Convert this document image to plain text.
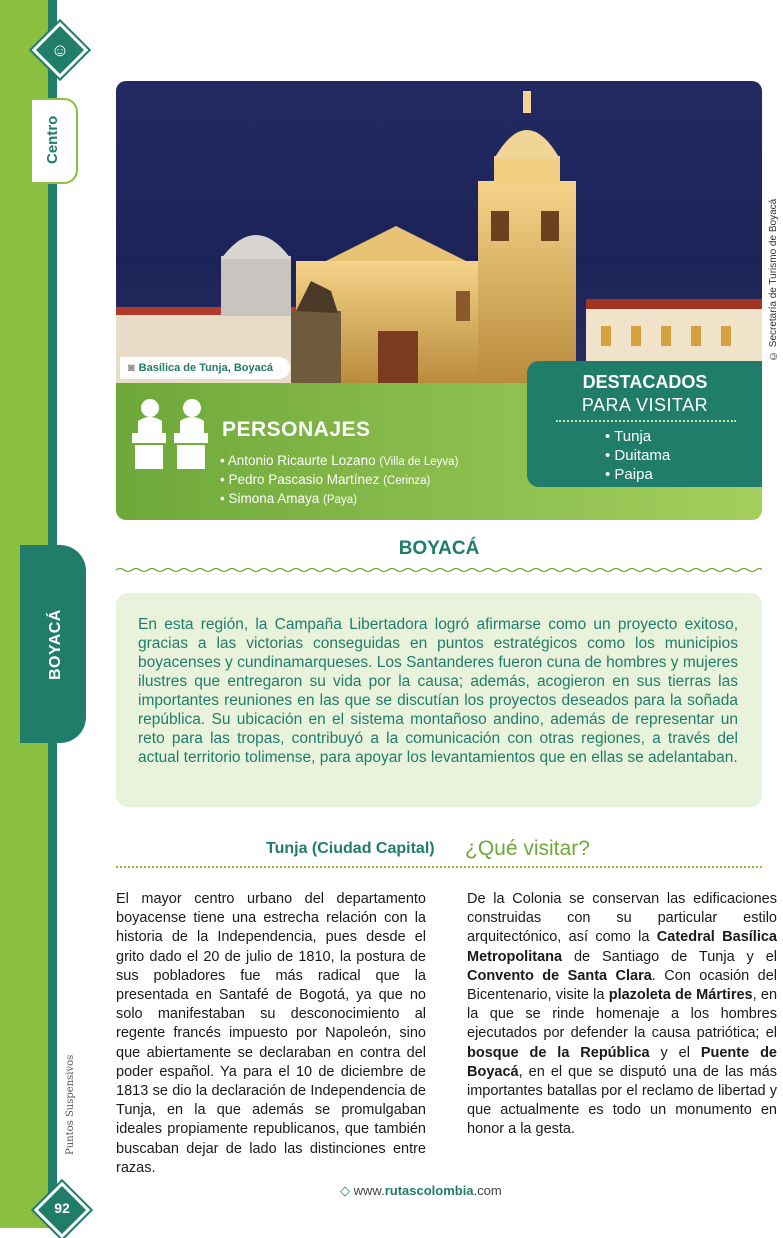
☺
Centro
BOYACÁ
Puntos Suspensivos
92
© Secretaría de Turismo de Boyacá
◙ Basílica de Tunja, Boyacá
PERSONAJES
• Antonio Ricaurte Lozano (Villa de Leyva)
• Pedro Pascasio Martínez (Cerinza)
• Simona Amaya (Paya)
DESTACADOS
PARA VISITAR
• Tunja
• Duitama
• Paipa
BOYACÁ
En esta región, la Campaña Libertadora logró afirmarse como un proyecto exitoso, gracias a las victorias conseguidas en puntos estratégicos como los municipios boyacenses y cundinamarqueses. Los Santanderes fueron cuna de hombres y mujeres ilustres que entregaron su vida por la causa; además, acogieron en sus tierras las importantes reuniones en las que se discutían los proyectos deseados para la soñada república. Su ubicación en el sistema montañoso andino, además de representar un reto para las tropas, contribuyó a la comunicación con otras regiones, a través del actual territorio tolimense, para apoyar los levantamientos que en ellas se adelantaban.
Tunja (Ciudad Capital) ¿Qué visitar?
El mayor centro urbano del departamento boyacense tiene una estrecha relación con la historia de la Independencia, pues desde el grito dado el 20 de julio de 1810, la postura de sus pobladores fue más radical que la presentada en Santafé de Bogotá, ya que no solo manifestaban su desconocimiento al regente francés impuesto por Napoleón, sino que abiertamente se declaraban en contra del poder español. Ya para el 10 de diciembre de 1813 se dio la declaración de Independencia de Tunja, en la que además se promulgaban ideales propiamente republicanos, que también buscaban dejar de lado las distinciones entre razas.
De la Colonia se conservan las edificaciones construidas con su particular estilo arquitectónico, así como la Catedral Basílica Metropolitana de Santiago de Tunja y el Convento de Santa Clara. Con ocasión del Bicentenario, visite la plazoleta de Mártires, en la que se rinde homenaje a los hombres ejecutados por defender la causa patriótica; el bosque de la República y el Puente de Boyacá, en el que se disputó una de las más importantes batallas por el reclamo de libertad y que actualmente es todo un monumento en honor a la gesta.
◇ www.rutascolombia.com
